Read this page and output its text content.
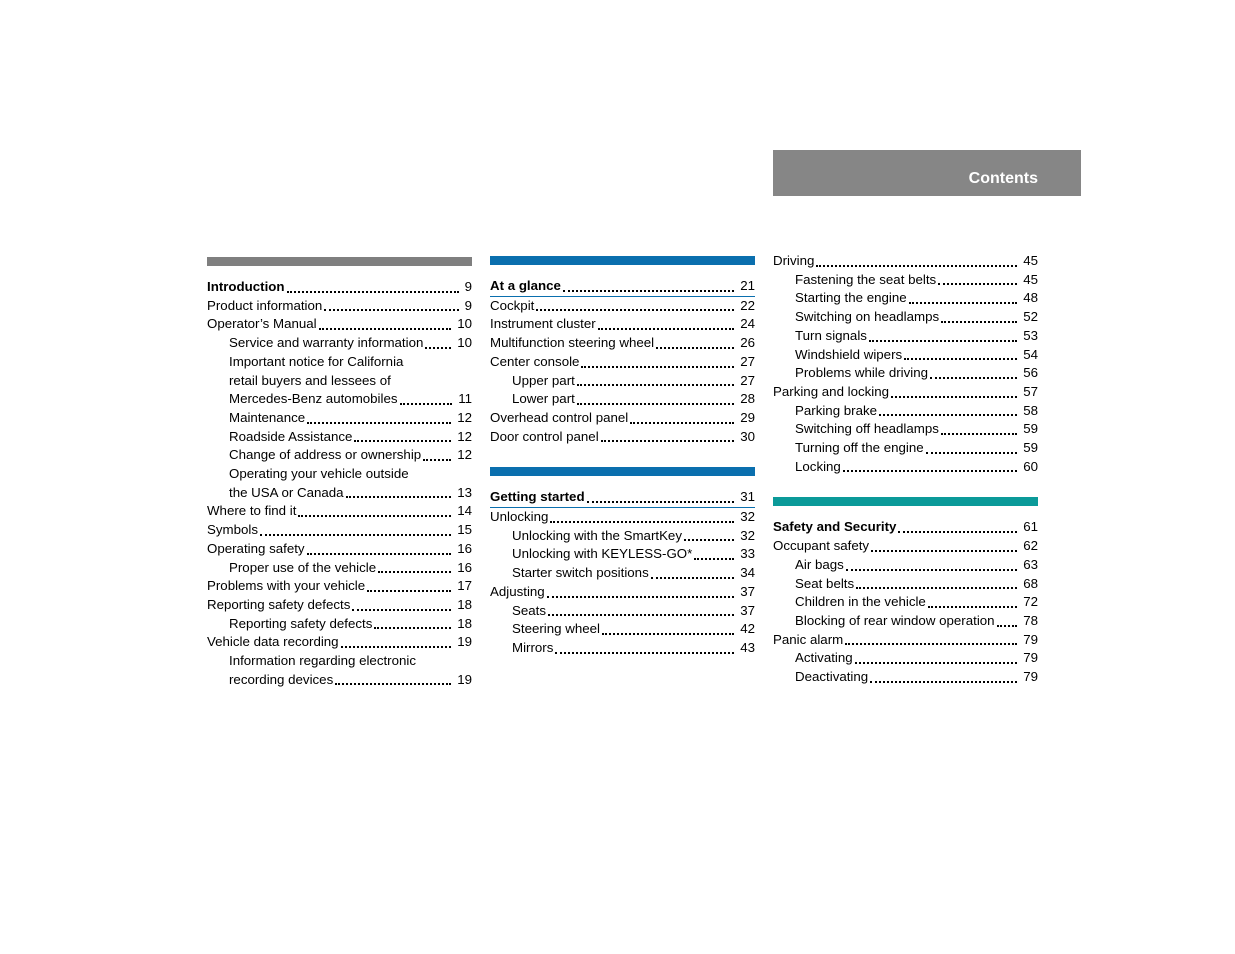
Contents
Introduction	9
Product information	9
Operator’s Manual	10
Service and warranty information	10
Important notice for California
retail buyers and lessees of
Mercedes-Benz automobiles	11
Maintenance	12
Roadside Assistance	12
Change of address or ownership	12
Operating your vehicle outside
the USA or Canada	13
Where to find it	14
Symbols	15
Operating safety	16
Proper use of the vehicle	16
Problems with your vehicle	17
Reporting safety defects	18
Reporting safety defects	18
Vehicle data recording	19
Information regarding electronic
recording devices	19
At a glance	21
Cockpit	22
Instrument cluster	24
Multifunction steering wheel	26
Center console	27
Upper part	27
Lower part	28
Overhead control panel	29
Door control panel	30
Getting started	31
Unlocking	32
Unlocking with the SmartKey	32
Unlocking with KEYLESS-GO*	33
Starter switch positions	34
Adjusting	37
Seats	37
Steering wheel	42
Mirrors	43
Driving	45
Fastening the seat belts	45
Starting the engine	48
Switching on headlamps	52
Turn signals	53
Windshield wipers	54
Problems while driving	56
Parking and locking	57
Parking brake	58
Switching off headlamps	59
Turning off the engine	59
Locking	60
Safety and Security	61
Occupant safety	62
Air bags	63
Seat belts	68
Children in the vehicle	72
Blocking of rear window operation	78
Panic alarm	79
Activating	79
Deactivating	79
